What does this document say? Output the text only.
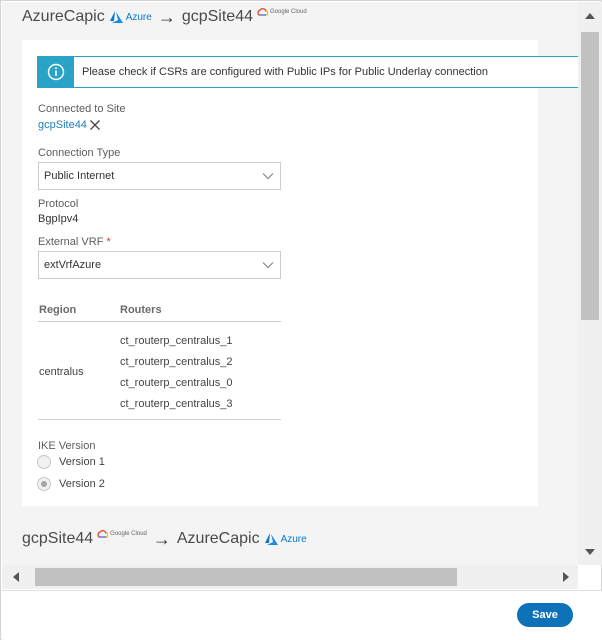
AzureCapic Azure → gcpSite44	Google Cloud
Please check if CSRs are configured with Public IPs for Public Underlay connection
Connected to Site
gcpSite44
Connection Type
Public Internet
Protocol
BgpIpv4
External VRF *
extVrfAzure
Region	Routers
centralus
ct_routerp_centralus_1
ct_routerp_centralus_2
ct_routerp_centralus_0
ct_routerp_centralus_3
IKE Version
Version 1
Version 2
gcpSite44	Google Cloud → AzureCapic Azure
Save
